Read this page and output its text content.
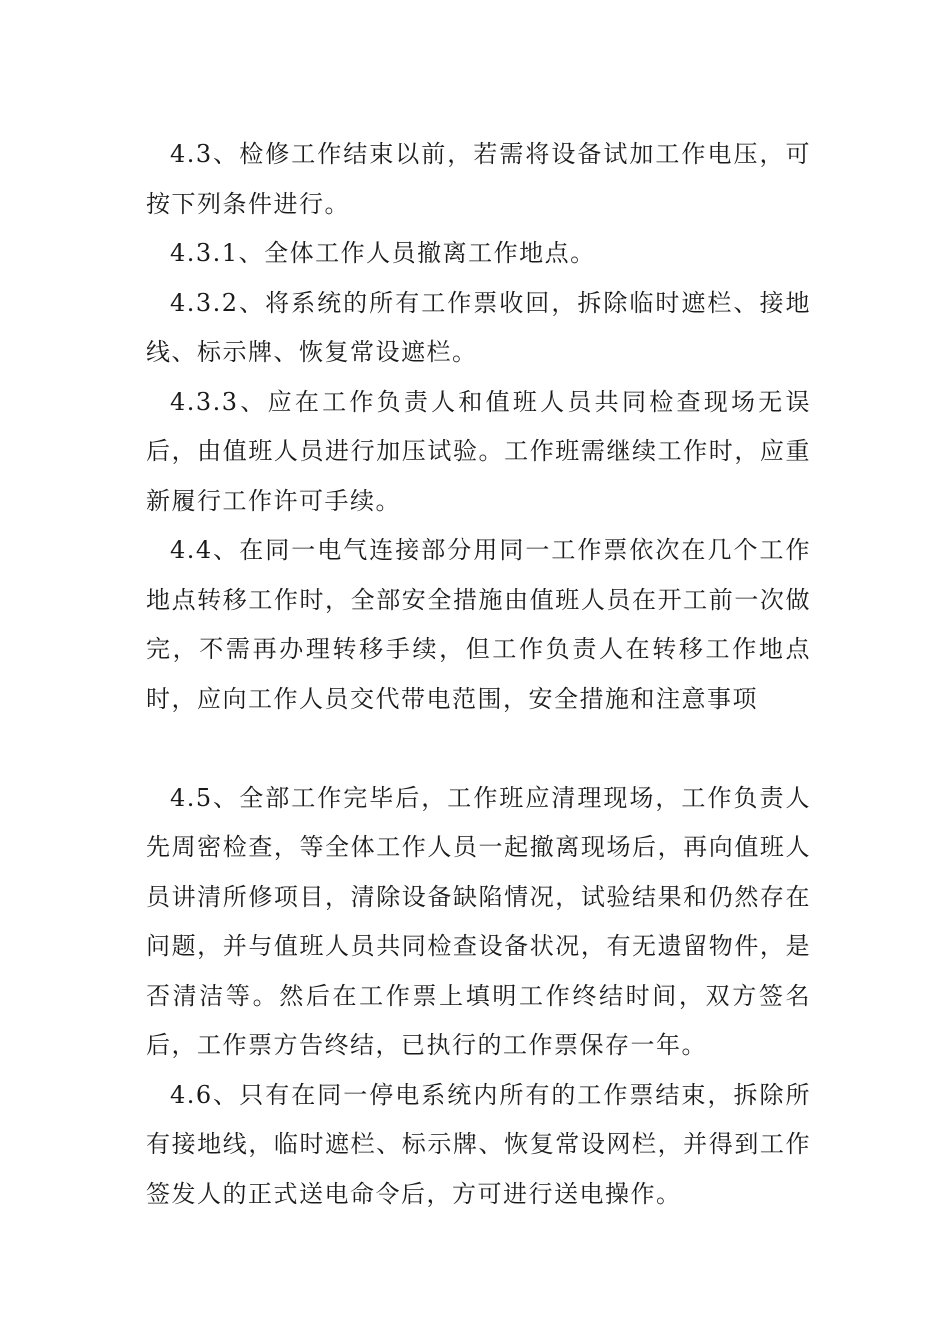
4.3、检修工作结束以前，若需将设备试加工作电压，可按下列条件进行。

4.3.1、全体工作人员撤离工作地点。

4.3.2、将系统的所有工作票收回，拆除临时遮栏、接地线、标示牌、恢复常设遮栏。

4.3.3、应在工作负责人和值班人员共同检查现场无误后，由值班人员进行加压试验。工作班需继续工作时，应重新履行工作许可手续。

4.4、在同一电气连接部分用同一工作票依次在几个工作地点转移工作时，全部安全措施由值班人员在开工前一次做完，不需再办理转移手续，但工作负责人在转移工作地点时，应向工作人员交代带电范围，安全措施和注意事项

4.5、全部工作完毕后，工作班应清理现场，工作负责人先周密检查，等全体工作人员一起撤离现场后，再向值班人员讲清所修项目，清除设备缺陷情况，试验结果和仍然存在问题，并与值班人员共同检查设备状况，有无遗留物件，是否清洁等。然后在工作票上填明工作终结时间，双方签名后，工作票方告终结，已执行的工作票保存一年。

4.6、只有在同一停电系统内所有的工作票结束，拆除所有接地线，临时遮栏、标示牌、恢复常设网栏，并得到工作签发人的正式送电命令后，方可进行送电操作。
